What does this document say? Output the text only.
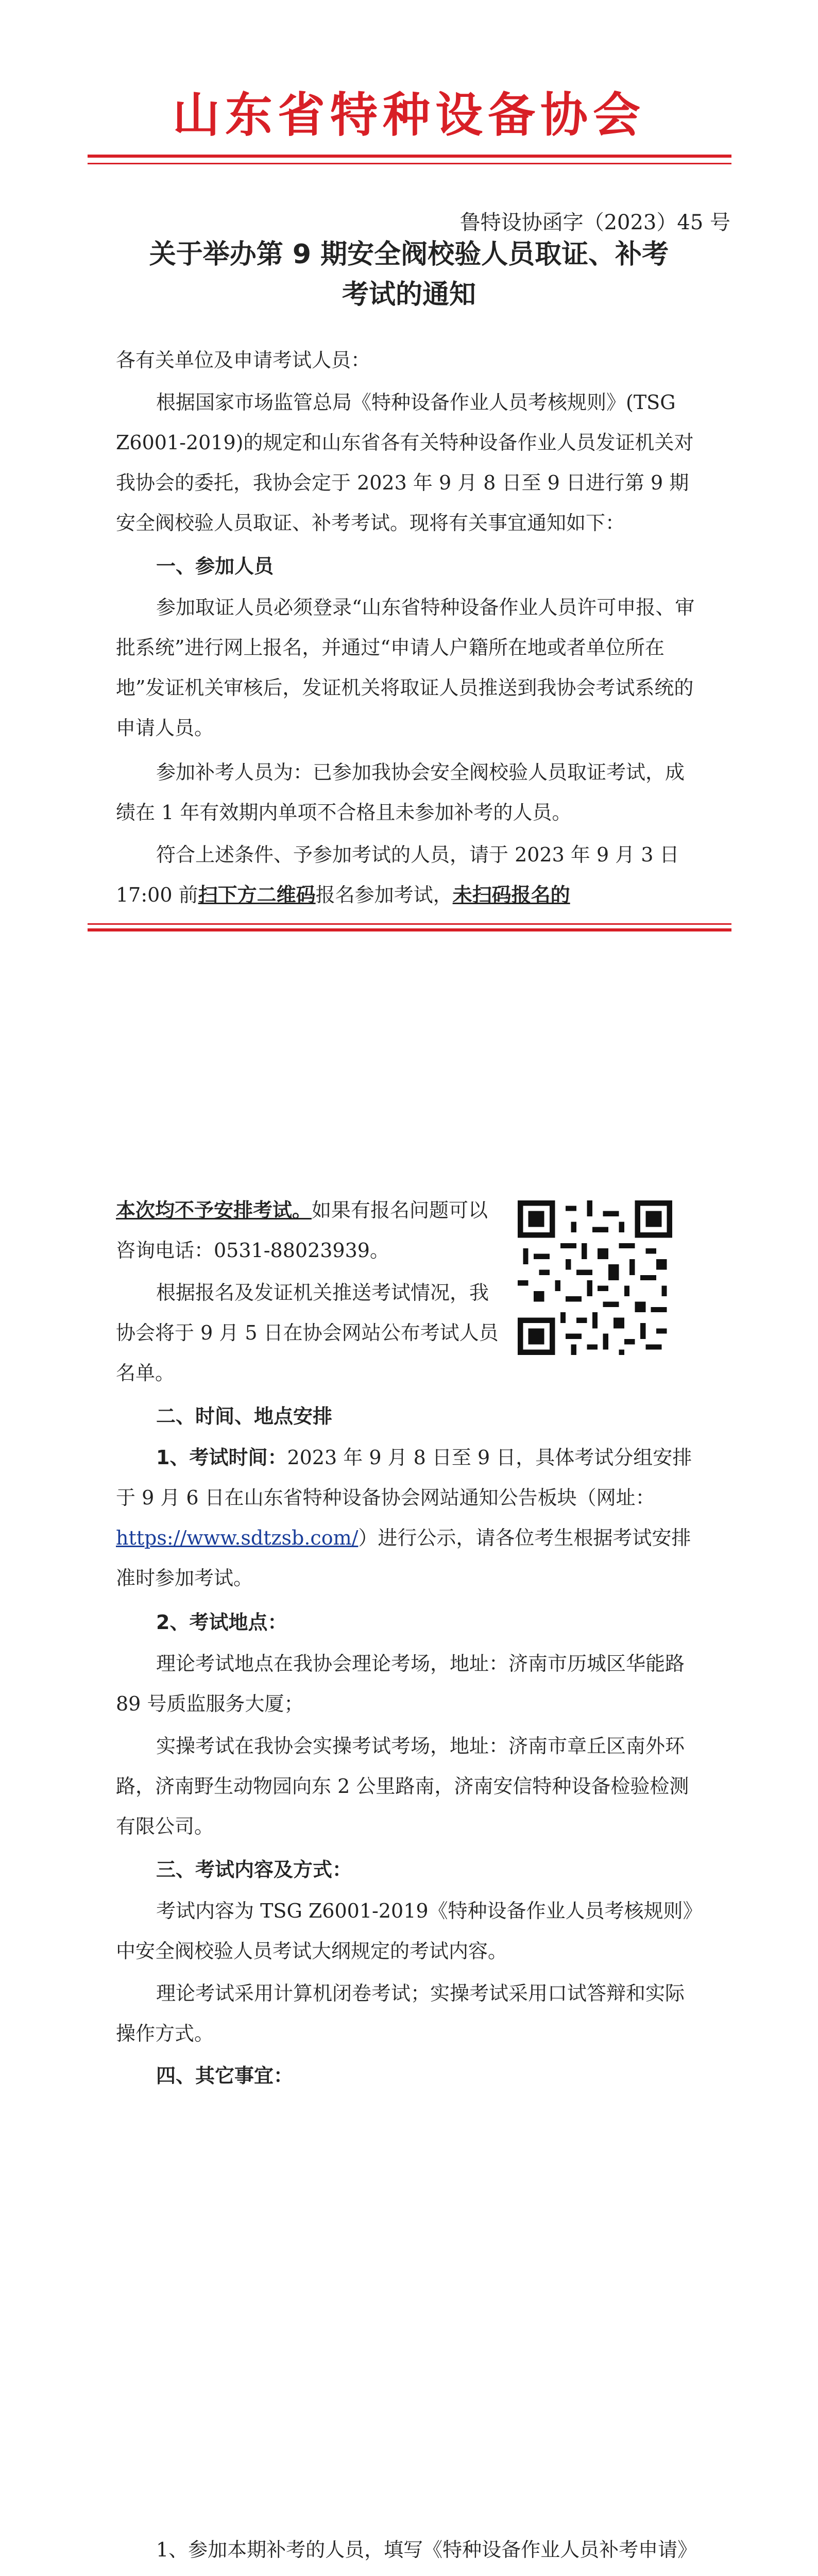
山东省特种设备协会
鲁特设协函字（2023）45 号
关于举办第 9 期安全阀校验人员取证、补考
考试的通知
各有关单位及申请考试人员：
根据国家市场监管总局《特种设备作业人员考核规则》(TSG Z6001-2019)的规定和山东省各有关特种设备作业人员发证机关对我协会的委托，我协会定于 2023 年 9 月 8 日至 9 日进行第 9 期安全阀校验人员取证、补考考试。现将有关事宜通知如下：
一、参加人员
参加取证人员必须登录“山东省特种设备作业人员许可申报、审批系统”进行网上报名，并通过“申请人户籍所在地或者单位所在地”发证机关审核后，发证机关将取证人员推送到我协会考试系统的申请人员。
参加补考人员为：已参加我协会安全阀校验人员取证考试，成绩在 1 年有效期内单项不合格且未参加补考的人员。
符合上述条件、予参加考试的人员，请于 2023 年 9 月 3 日 17:00 前扫下方二维码报名参加考试，未扫码报名的
本次均不予安排考试。如果有报名问题可以咨询电话：0531-88023939。
根据报名及发证机关推送考试情况，我协会将于 9 月 5 日在协会网站公布考试人员名单。
二、时间、地点安排
1、考试时间：2023 年 9 月 8 日至 9 日，具体考试分组安排于 9 月 6 日在山东省特种设备协会网站通知公告板块（网址：https://www.sdtzsb.com/）进行公示，请各位考生根据考试安排准时参加考试。
2、考试地点：
理论考试地点在我协会理论考场，地址：济南市历城区华能路 89 号质监服务大厦；
实操考试在我协会实操考试考场，地址：济南市章丘区南外环路，济南野生动物园向东 2 公里路南，济南安信特种设备检验检测有限公司。
三、考试内容及方式：
考试内容为 TSG Z6001-2019《特种设备作业人员考核规则》中安全阀校验人员考试大纲规定的考试内容。
理论考试采用计算机闭卷考试；实操考试采用口试答辩和实际操作方式。
四、其它事宜：
1、参加本期补考的人员，填写《特种设备作业人员补考申请》
